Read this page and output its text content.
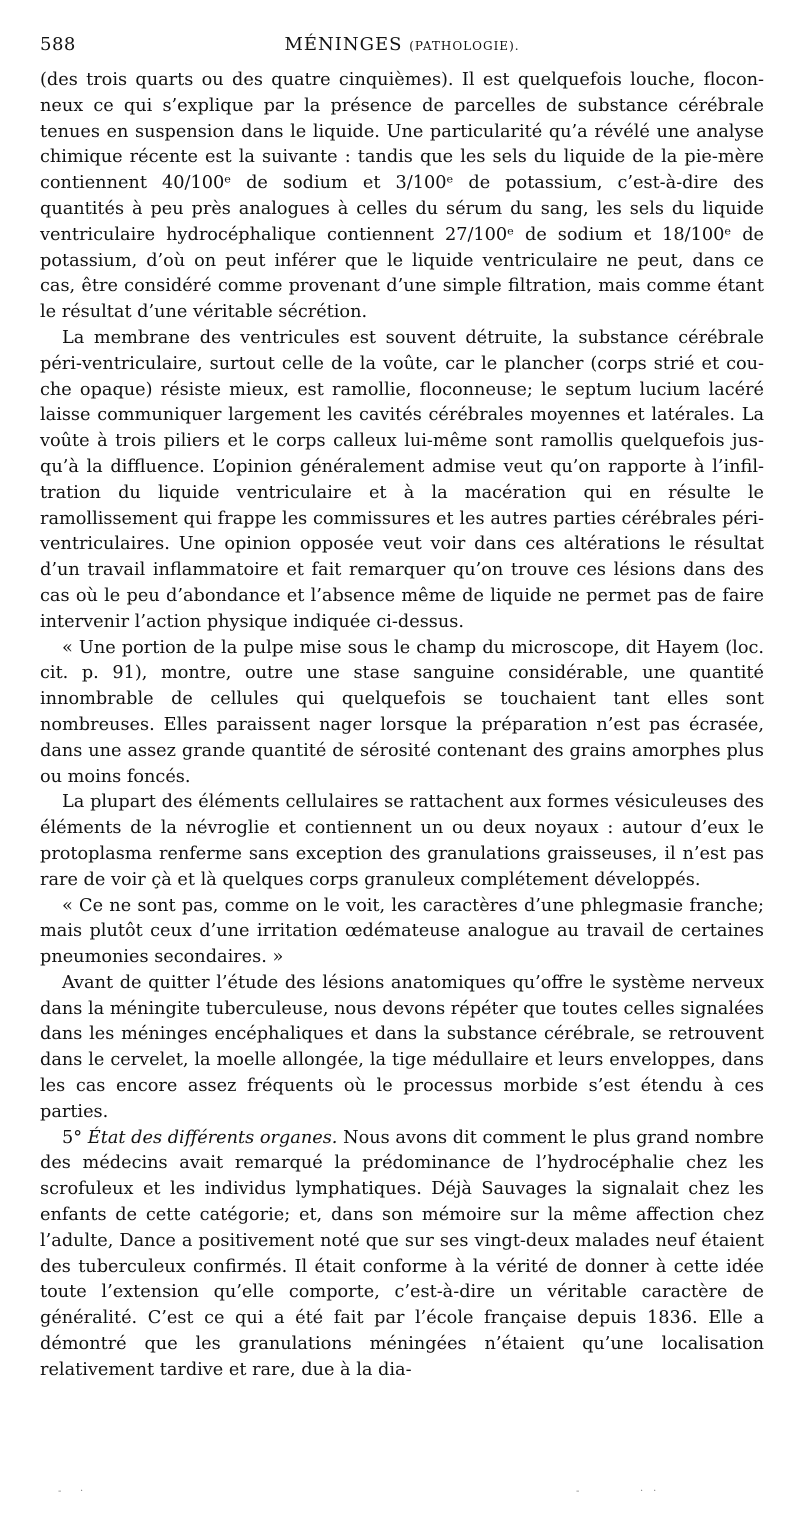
588	MÉNINGES (PATHOLOGIE).

(des trois quarts ou des quatre cinquièmes). Il est quelquefois louche, floconneux ce qui s’explique par la présence de parcelles de substance cérébrale tenues en suspension dans le liquide. Une particularité qu’a révélé une analyse chimique récente est la suivante : tandis que les sels du liquide de la pie-mère contiennent 40/100ᵉ de sodium et 3/100ᵉ de potassium, c’est-à-dire des quantités à peu près analogues à celles du sérum du sang, les sels du liquide ventriculaire hydrocéphalique contiennent 27/100ᵉ de sodium et 18/100ᵉ de potassium, d’où on peut inférer que le liquide ventriculaire ne peut, dans ce cas, être considéré comme provenant d’une simple filtration, mais comme étant le résultat d’une véritable sécrétion.

La membrane des ventricules est souvent détruite, la substance cérébrale péri-ventriculaire, surtout celle de la voûte, car le plancher (corps strié et couche opaque) résiste mieux, est ramollie, floconneuse; le septum lucium lacéré laisse communiquer largement les cavités cérébrales moyennes et latérales. La voûte à trois piliers et le corps calleux lui-même sont ramollis quelquefois jusqu’à la diffluence. L’opinion généralement admise veut qu’on rapporte à l’infiltration du liquide ventriculaire et à la macération qui en résulte le ramollissement qui frappe les commissures et les autres parties cérébrales péri-ventriculaires. Une opinion opposée veut voir dans ces altérations le résultat d’un travail inflammatoire et fait remarquer qu’on trouve ces lésions dans des cas où le peu d’abondance et l’absence même de liquide ne permet pas de faire intervenir l’action physique indiquée ci-dessus.

« Une portion de la pulpe mise sous le champ du microscope, dit Hayem (loc. cit. p. 91), montre, outre une stase sanguine considérable, une quantité innombrable de cellules qui quelquefois se touchaient tant elles sont nombreuses. Elles paraissent nager lorsque la préparation n’est pas écrasée, dans une assez grande quantité de sérosité contenant des grains amorphes plus ou moins foncés.

La plupart des éléments cellulaires se rattachent aux formes vésiculeuses des éléments de la névroglie et contiennent un ou deux noyaux : autour d’eux le protoplasma renferme sans exception des granulations graisseuses, il n’est pas rare de voir çà et là quelques corps granuleux complétement développés.

« Ce ne sont pas, comme on le voit, les caractères d’une phlegmasie franche; mais plutôt ceux d’une irritation œdémateuse analogue au travail de certaines pneumonies secondaires. »

Avant de quitter l’étude des lésions anatomiques qu’offre le système nerveux dans la méningite tuberculeuse, nous devons répéter que toutes celles signalées dans les méninges encéphaliques et dans la substance cérébrale, se retrouvent dans le cervelet, la moelle allongée, la tige médullaire et leurs enveloppes, dans les cas encore assez fréquents où le processus morbide s’est étendu à ces parties.

5° État des différents organes. Nous avons dit comment le plus grand nombre des médecins avait remarqué la prédominance de l’hydrocéphalie chez les scrofuleux et les individus lymphatiques. Déjà Sauvages la signalait chez les enfants de cette catégorie; et, dans son mémoire sur la même affection chez l’adulte, Dance a positivement noté que sur ses vingt-deux malades neuf étaient des tuberculeux confirmés. Il était conforme à la vérité de donner à cette idée toute l’extension qu’elle comporte, c’est-à-dire un véritable caractère de généralité. C’est ce qui a été fait par l’école française depuis 1836. Elle a démontré que les granulations méningées n’étaient qu’une localisation relativement tardive et rare, due à la dia-

- ·	-	··
